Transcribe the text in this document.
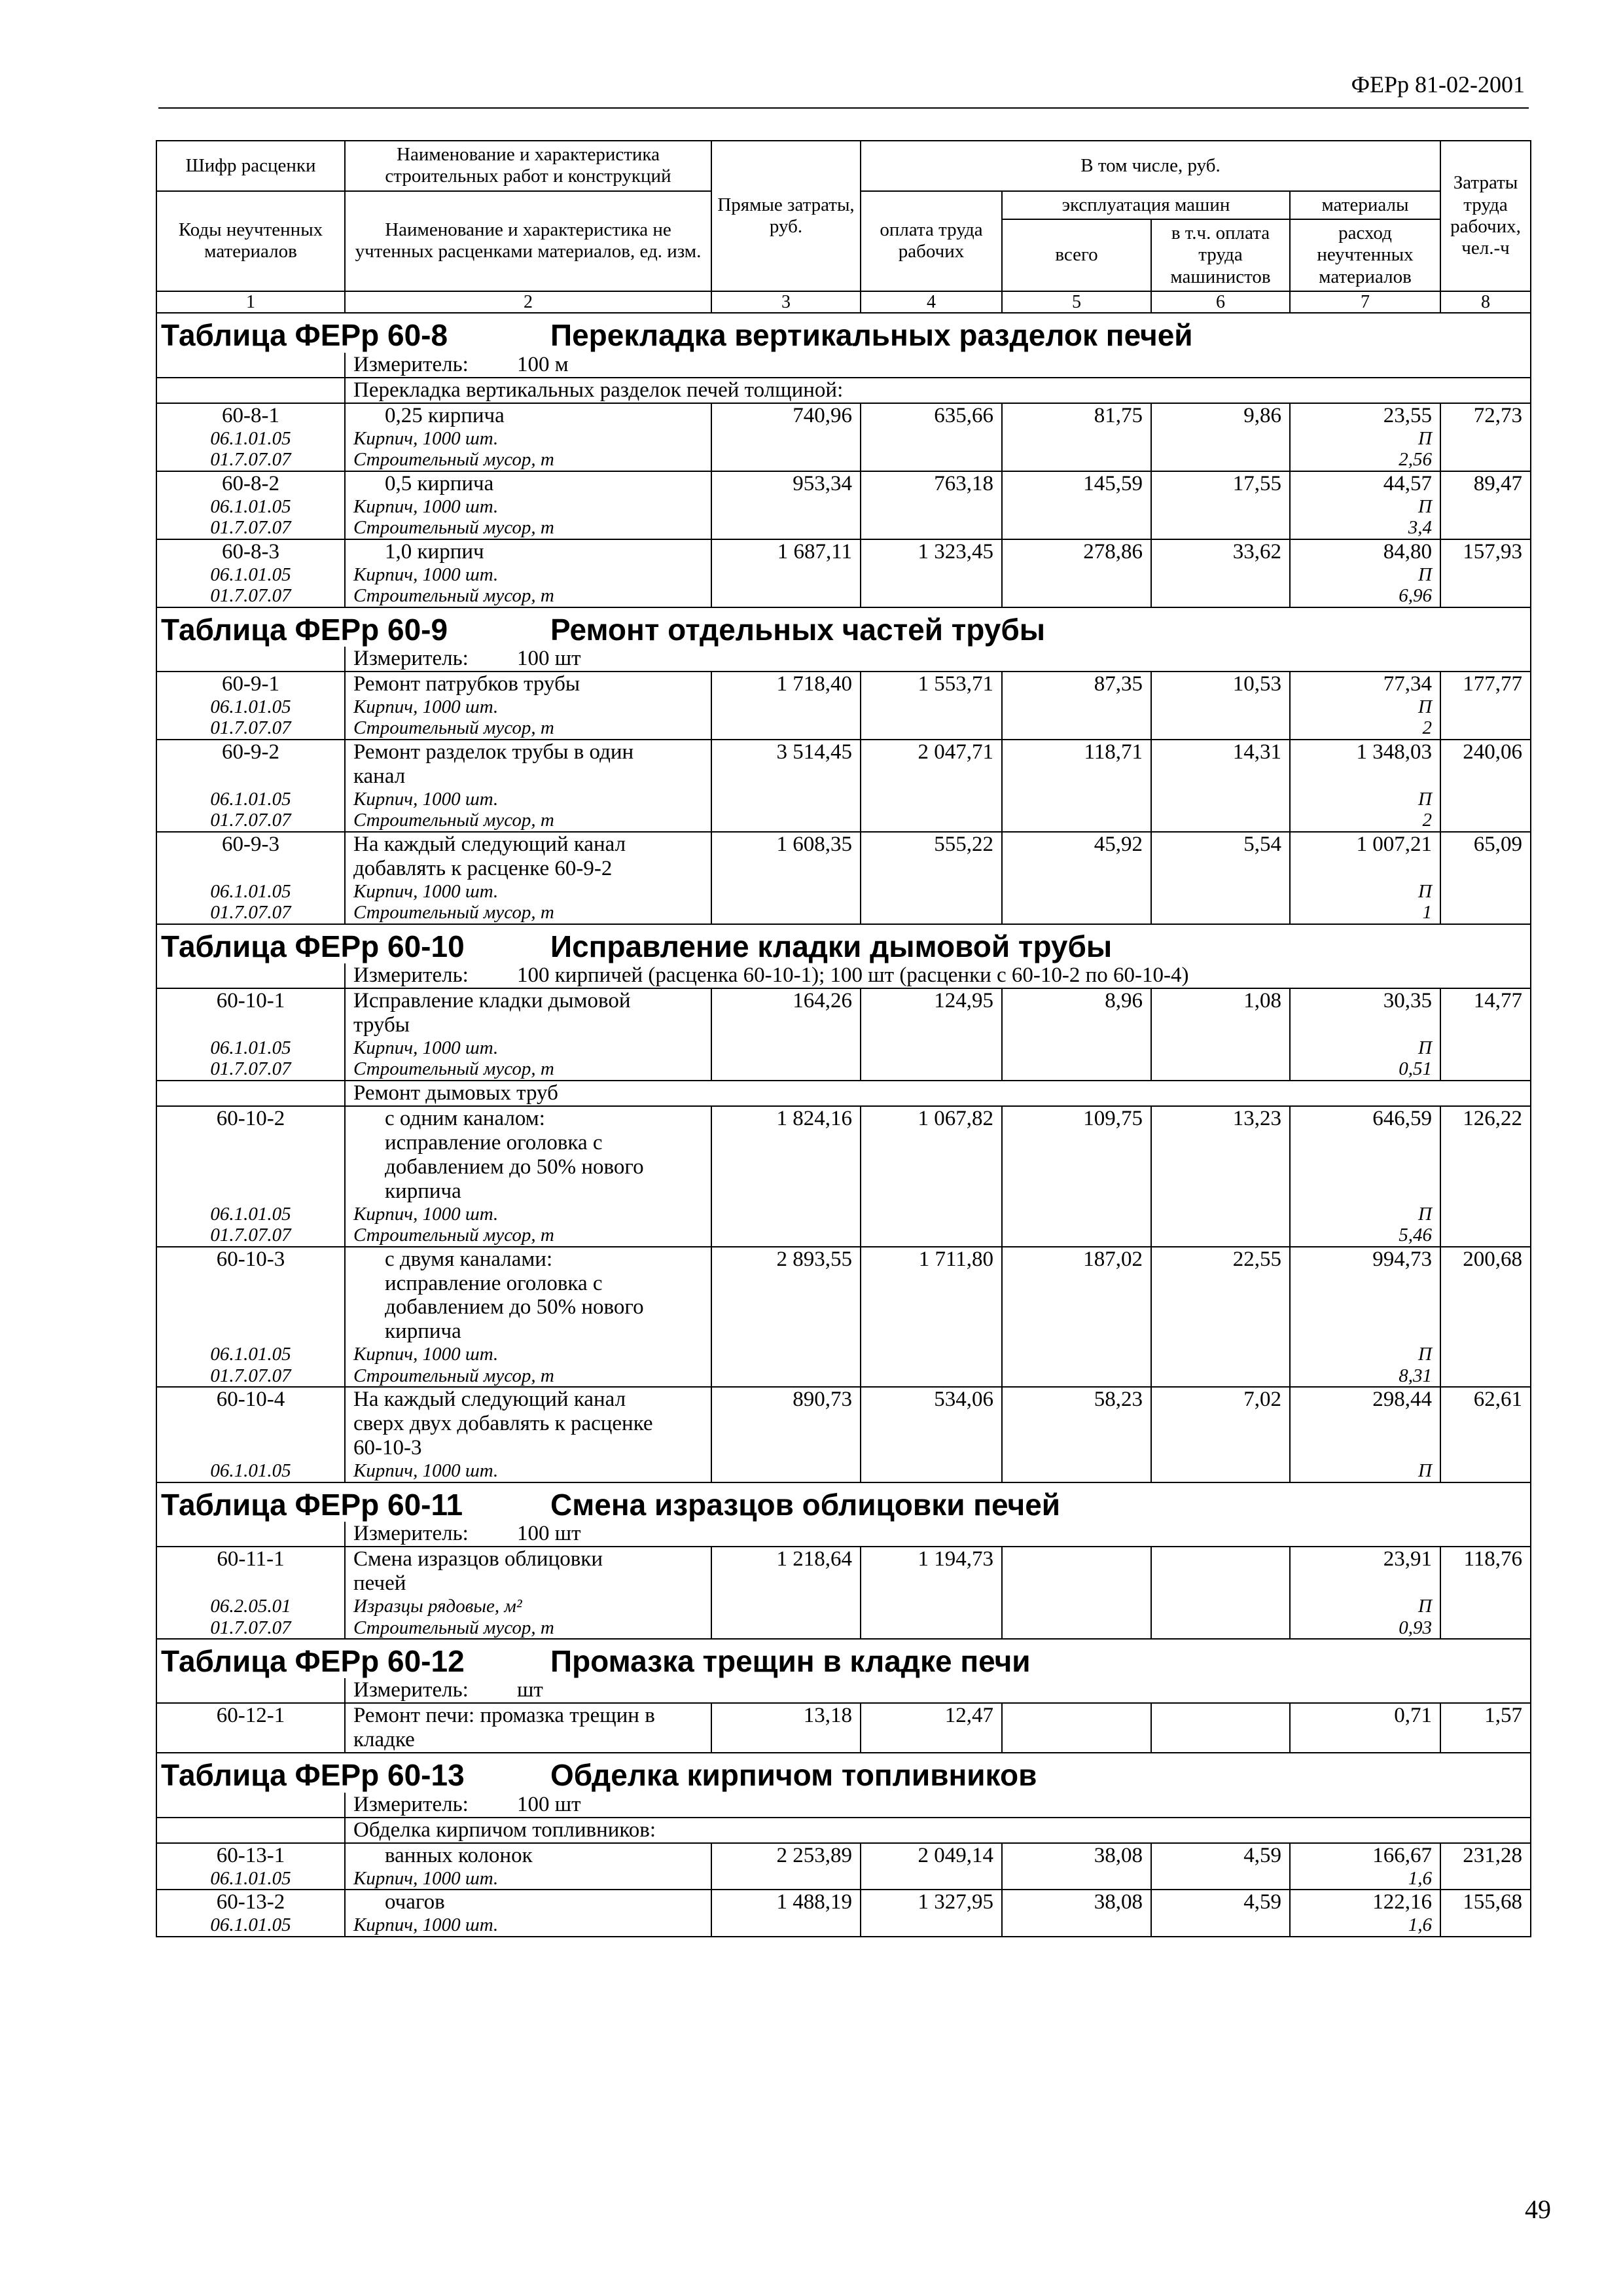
ФЕРр 81-02-2001
Шифр расценки	Наименование и характеристика строительных работ и конструкций	Прямые затраты, руб.	В том числе, руб.				Затраты труда рабочих, чел.-ч
Коды неучтенных материалов	Наименование и характеристика не учтенных расценками материалов, ед. изм.		оплата труда рабочих	эксплуатация машин		материалы	
				всего	в т.ч. оплата труда машинистов	расход неучтенных материалов	
1	2	3	4	5	6	7	8
Таблица ФЕРр 60-8 Перекладка вертикальных разделок печей							
	Измеритель: 100 м						
	Перекладка вертикальных разделок печей толщиной:						
60-8-1	0,25 кирпича	740,96	635,66	81,75	9,86	23,55	72,73
06.1.01.05	Кирпич, 1000 шт.					П	
01.7.07.07	Строительный мусор, т					2,56	
60-8-2	0,5 кирпича	953,34	763,18	145,59	17,55	44,57	89,47
06.1.01.05	Кирпич, 1000 шт.					П	
01.7.07.07	Строительный мусор, т					3,4	
60-8-3	1,0 кирпич	1 687,11	1 323,45	278,86	33,62	84,80	157,93
06.1.01.05	Кирпич, 1000 шт.					П	
01.7.07.07	Строительный мусор, т					6,96	
Таблица ФЕРр 60-9 Ремонт отдельных частей трубы							
	Измеритель: 100 шт						
60-9-1	Ремонт патрубков трубы	1 718,40	1 553,71	87,35	10,53	77,34	177,77
06.1.01.05	Кирпич, 1000 шт.					П	
01.7.07.07	Строительный мусор, т					2	
60-9-2	Ремонт разделок трубы в один	3 514,45	2 047,71	118,71	14,31	1 348,03	240,06
	канал						
06.1.01.05	Кирпич, 1000 шт.					П	
01.7.07.07	Строительный мусор, т					2	
60-9-3	На каждый следующий канал	1 608,35	555,22	45,92	5,54	1 007,21	65,09
	добавлять к расценке 60-9-2						
06.1.01.05	Кирпич, 1000 шт.					П	
01.7.07.07	Строительный мусор, т					1	
Таблица ФЕРр 60-10 Исправление кладки дымовой трубы							
	Измеритель: 100 кирпичей (расценка 60-10-1); 100 шт (расценки с 60-10-2 по 60-10-4)						
60-10-1	Исправление кладки дымовой	164,26	124,95	8,96	1,08	30,35	14,77
	трубы						
06.1.01.05	Кирпич, 1000 шт.					П	
01.7.07.07	Строительный мусор, т					0,51	
	Ремонт дымовых труб						
60-10-2	с одним каналом:	1 824,16	1 067,82	109,75	13,23	646,59	126,22
	исправление оголовка с						
	добавлением до 50% нового						
	кирпича						
06.1.01.05	Кирпич, 1000 шт.					П	
01.7.07.07	Строительный мусор, т					5,46	
60-10-3	с двумя каналами:	2 893,55	1 711,80	187,02	22,55	994,73	200,68
	исправление оголовка с						
	добавлением до 50% нового						
	кирпича						
06.1.01.05	Кирпич, 1000 шт.					П	
01.7.07.07	Строительный мусор, т					8,31	
60-10-4	На каждый следующий канал	890,73	534,06	58,23	7,02	298,44	62,61
	сверх двух добавлять к расценке						
	60-10-3						
06.1.01.05	Кирпич, 1000 шт.					П	
Таблица ФЕРр 60-11 Смена изразцов облицовки печей							
	Измеритель: 100 шт						
60-11-1	Смена изразцов облицовки	1 218,64	1 194,73			23,91	118,76
	печей						
06.2.05.01	Изразцы рядовые, м²					П	
01.7.07.07	Строительный мусор, т					0,93	
Таблица ФЕРр 60-12 Промазка трещин в кладке печи							
	Измеритель: шт						
60-12-1	Ремонт печи: промазка трещин в	13,18	12,47			0,71	1,57
	кладке						
Таблица ФЕРр 60-13 Обделка кирпичом топливников							
	Измеритель: 100 шт						
	Обделка кирпичом топливников:						
60-13-1	ванных колонок	2 253,89	2 049,14	38,08	4,59	166,67	231,28
06.1.01.05	Кирпич, 1000 шт.					1,6	
60-13-2	очагов	1 488,19	1 327,95	38,08	4,59	122,16	155,68
06.1.01.05	Кирпич, 1000 шт.					1,6	
49
